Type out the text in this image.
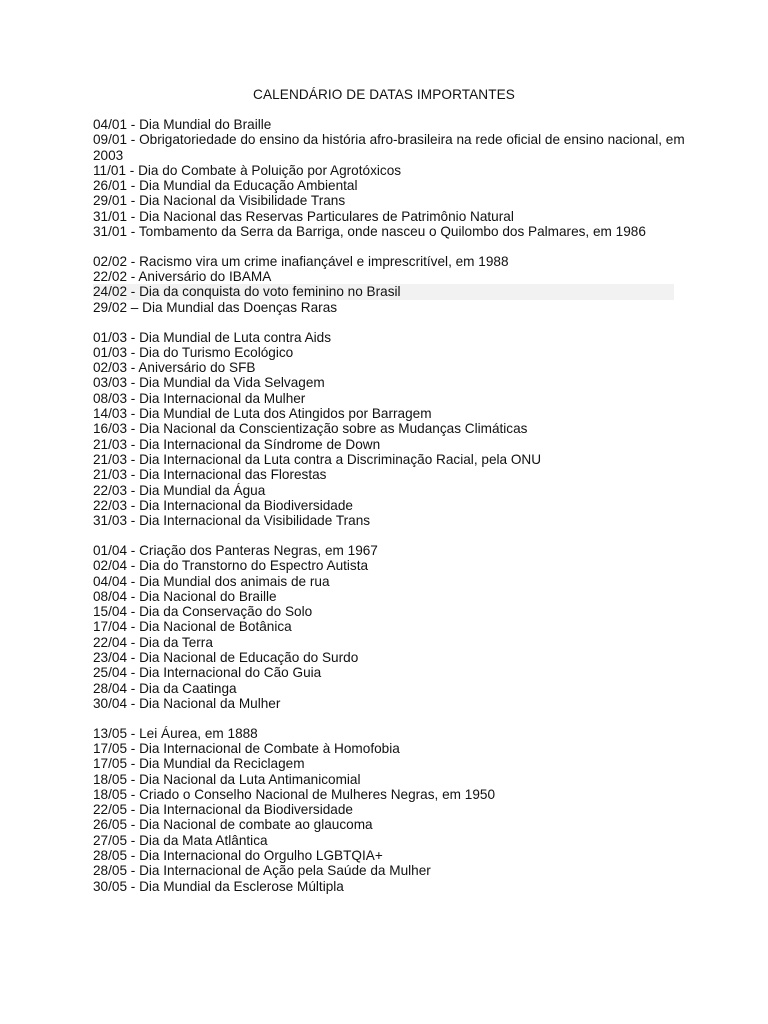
CALENDÁRIO DE DATAS IMPORTANTES

04/01 - Dia Mundial do Braille

09/01 - Obrigatoriedade do ensino da história afro-brasileira na rede oficial de ensino nacional, em 2003

11/01 - Dia do Combate à Poluição por Agrotóxicos

26/01 - Dia Mundial da Educação Ambiental

29/01 - Dia Nacional da Visibilidade Trans

31/01 - Dia Nacional das Reservas Particulares de Patrimônio Natural

31/01 - Tombamento da Serra da Barriga, onde nasceu o Quilombo dos Palmares, em 1986

02/02 - Racismo vira um crime inafiançável e imprescritível, em 1988

22/02 - Aniversário do IBAMA

24/02 - Dia da conquista do voto feminino no Brasil

29/02 – Dia Mundial das Doenças Raras

01/03 - Dia Mundial de Luta contra Aids

01/03 - Dia do Turismo Ecológico

02/03 - Aniversário do SFB

03/03 - Dia Mundial da Vida Selvagem

08/03 - Dia Internacional da Mulher

14/03 - Dia Mundial de Luta dos Atingidos por Barragem

16/03 - Dia Nacional da Conscientização sobre as Mudanças Climáticas

21/03 - Dia Internacional da Síndrome de Down

21/03 - Dia Internacional da Luta contra a Discriminação Racial, pela ONU

21/03 - Dia Internacional das Florestas

22/03 - Dia Mundial da Água

22/03 - Dia Internacional da Biodiversidade

31/03 - Dia Internacional da Visibilidade Trans

01/04 - Criação dos Panteras Negras, em 1967

02/04 - Dia do Transtorno do Espectro Autista

04/04 - Dia Mundial dos animais de rua

08/04 - Dia Nacional do Braille

15/04 - Dia da Conservação do Solo

17/04 - Dia Nacional de Botânica

22/04 - Dia da Terra

23/04 - Dia Nacional de Educação do Surdo

25/04 - Dia Internacional do Cão Guia

28/04 - Dia da Caatinga

30/04 - Dia Nacional da Mulher

13/05 - Lei Áurea, em 1888

17/05 - Dia Internacional de Combate à Homofobia

17/05 - Dia Mundial da Reciclagem

18/05 - Dia Nacional da Luta Antimanicomial

18/05 - Criado o Conselho Nacional de Mulheres Negras, em 1950

22/05 - Dia Internacional da Biodiversidade

26/05 - Dia Nacional de combate ao glaucoma

27/05 - Dia da Mata Atlântica

28/05 - Dia Internacional do Orgulho LGBTQIA+

28/05 - Dia Internacional de Ação pela Saúde da Mulher

30/05 - Dia Mundial da Esclerose Múltipla
